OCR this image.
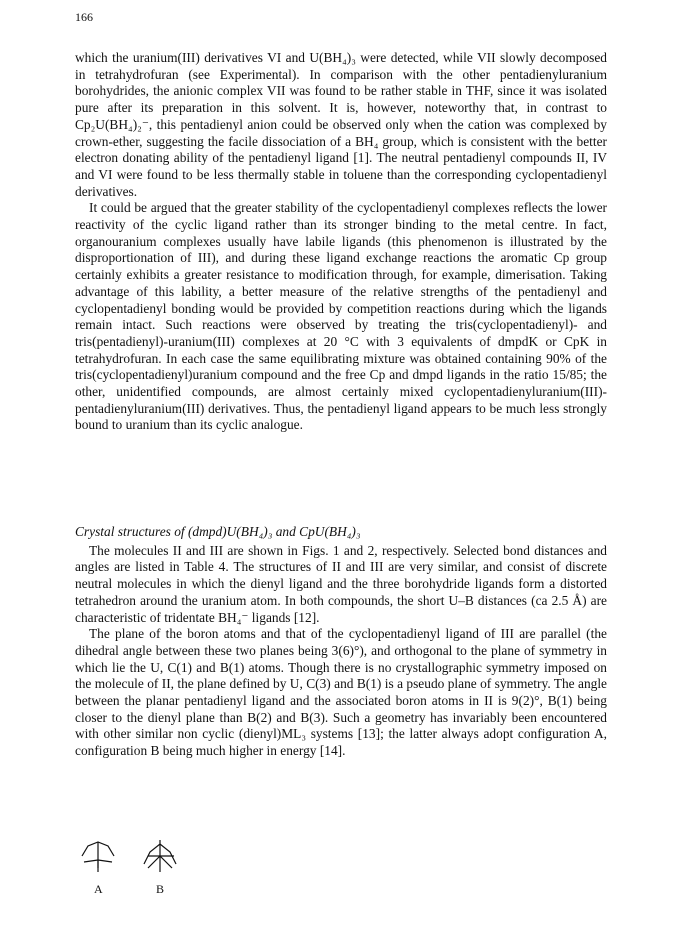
166

which the uranium(III) derivatives VI and U(BH₄)₃ were detected, while VII slowly decomposed in tetrahydrofuran (see Experimental). In comparison with the other pentadienyluranium borohydrides, the anionic complex VII was found to be rather stable in THF, since it was isolated pure after its preparation in this solvent. It is, however, noteworthy that, in contrast to Cp₂U(BH₄)₂⁻, this pentadienyl anion could be observed only when the cation was complexed by crown-ether, suggesting the facile dissociation of a BH₄ group, which is consistent with the better electron donating ability of the pentadienyl ligand [1]. The neutral pentadienyl compounds II, IV and VI were found to be less thermally stable in toluene than the corresponding cyclopentadienyl derivatives.

It could be argued that the greater stability of the cyclopentadienyl complexes reflects the lower reactivity of the cyclic ligand rather than its stronger binding to the metal centre. In fact, organouranium complexes usually have labile ligands (this phenomenon is illustrated by the disproportionation of III), and during these ligand exchange reactions the aromatic Cp group certainly exhibits a greater resistance to modification through, for example, dimerisation. Taking advantage of this lability, a better measure of the relative strengths of the pentadienyl and cyclopentadienyl bonding would be provided by competition reactions during which the ligands remain intact. Such reactions were observed by treating the tris(cyclopentadienyl)- and tris(pentadienyl)-uranium(III) complexes at 20 °C with 3 equivalents of dmpdK or CpK in tetrahydrofuran. In each case the same equilibrating mixture was obtained containing 90% of the tris(cyclopentadienyl)uranium compound and the free Cp and dmpd ligands in the ratio 15/85; the other, unidentified compounds, are almost certainly mixed cyclopentadienyluranium(III)-pentadienyluranium(III) derivatives. Thus, the pentadienyl ligand appears to be much less strongly bound to uranium than its cyclic analogue.

Crystal structures of (dmpd)U(BH₄)₃ and CpU(BH₄)₃

The molecules II and III are shown in Figs. 1 and 2, respectively. Selected bond distances and angles are listed in Table 4. The structures of II and III are very similar, and consist of discrete neutral molecules in which the dienyl ligand and the three borohydride ligands form a distorted tetrahedron around the uranium atom. In both compounds, the short U–B distances (ca 2.5 Å) are characteristic of tridentate BH₄⁻ ligands [12].

The plane of the boron atoms and that of the cyclopentadienyl ligand of III are parallel (the dihedral angle between these two planes being 3(6)°), and orthogonal to the plane of symmetry in which lie the U, C(1) and B(1) atoms. Though there is no crystallographic symmetry imposed on the molecule of II, the plane defined by U, C(3) and B(1) is a pseudo plane of symmetry. The angle between the planar pentadienyl ligand and the associated boron atoms in II is 9(2)°, B(1) being closer to the dienyl plane than B(2) and B(3). Such a geometry has invariably been encountered with other similar non cyclic (dienyl)ML₃ systems [13]; the latter always adopt configuration A, configuration B being much higher in energy [14].

A	B
